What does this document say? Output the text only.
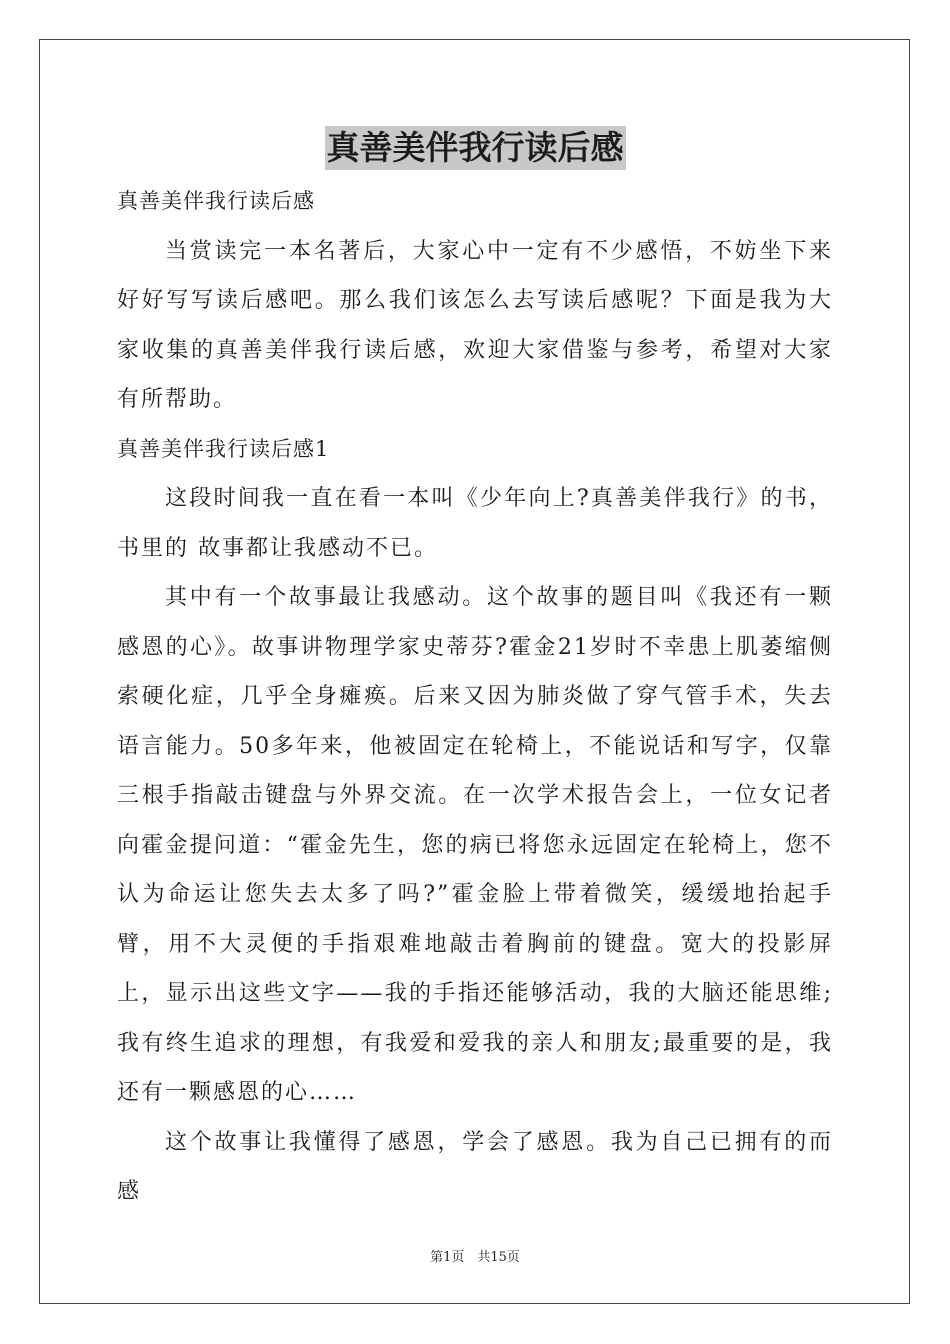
真善美伴我行读后感

真善美伴我行读后感

当赏读完一本名著后，大家心中一定有不少感悟，不妨坐下来好好写写读后感吧。那么我们该怎么去写读后感呢？下面是我为大家收集的真善美伴我行读后感，欢迎大家借鉴与参考，希望对大家有所帮助。

真善美伴我行读后感1

这段时间我一直在看一本叫《少年向上?真善美伴我行》的书，书里的 故事都让我感动不已。

其中有一个故事最让我感动。这个故事的题目叫《我还有一颗感恩的心》。故事讲物理学家史蒂芬?霍金21岁时不幸患上肌萎缩侧索硬化症，几乎全身瘫痪。后来又因为肺炎做了穿气管手术，失去语言能力。50多年来，他被固定在轮椅上，不能说话和写字，仅靠三根手指敲击键盘与外界交流。在一次学术报告会上，一位女记者向霍金提问道：“霍金先生，您的病已将您永远固定在轮椅上，您不认为命运让您失去太多了吗?”霍金脸上带着微笑，缓缓地抬起手臂，用不大灵便的手指艰难地敲击着胸前的键盘。宽大的投影屏上，显示出这些文字——我的手指还能够活动，我的大脑还能思维;我有终生追求的理想，有我爱和爱我的亲人和朋友;最重要的是，我还有一颗感恩的心……

这个故事让我懂得了感恩，学会了感恩。我为自己已拥有的而感

第1页　共15页
